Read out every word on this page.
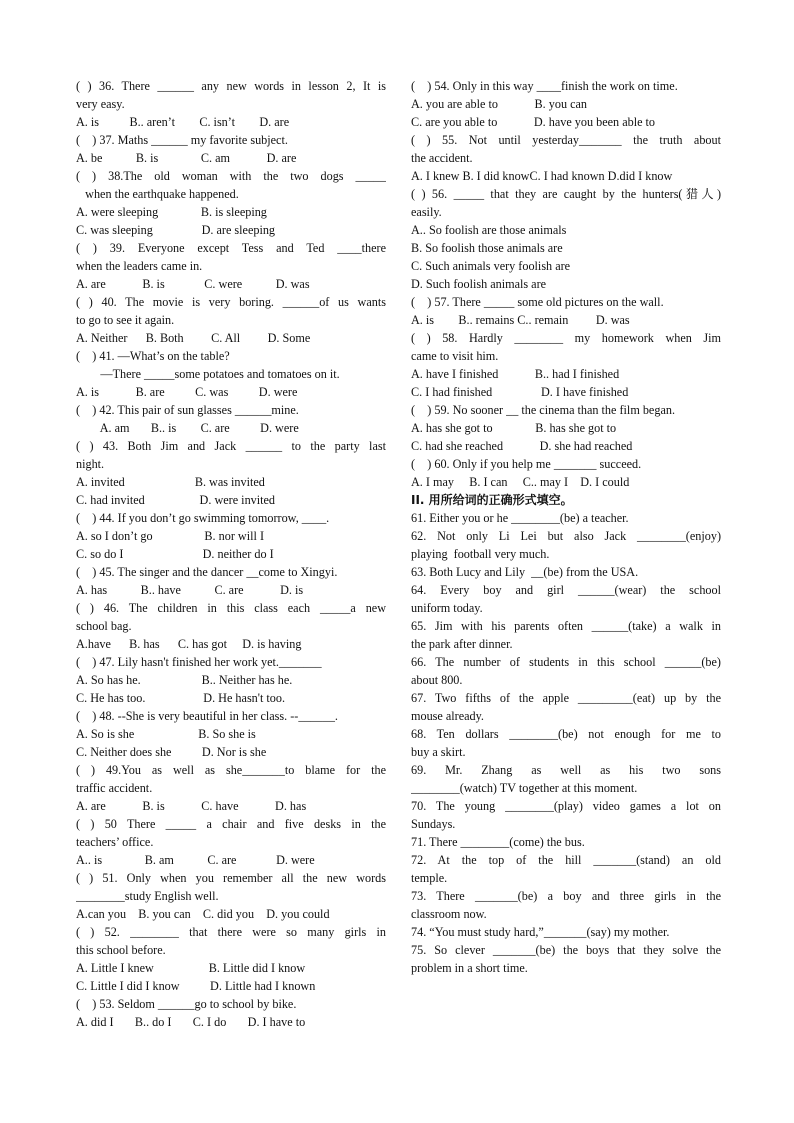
( ) 36. There ______ any new words in lesson 2, It is
very easy.
A. is          B.. aren’t        C. isn’t        D. are
(    ) 37. Maths ______ my favorite subject.
A. be           B. is              C. am            D. are
( ) 38.The old woman with the two dogs _____
when the earthquake happened.
A. were sleeping              B. is sleeping
C. was sleeping                D. are sleeping
( ) 39. Everyone except Tess and Ted ____there
when the leaders came in.
A. are            B. is             C. were           D. was
( ) 40. The movie is very boring. ______of us wants
to go to see it again.
A. Neither      B. Both         C. All         D. Some
(    ) 41. —What’s on the table?
—There _____some potatoes and tomatoes on it.
A. is            B. are          C. was          D. were
(    ) 42. This pair of sun glasses ______mine.
A. am       B.. is        C. are          D. were
( ) 43. Both Jim and Jack ______ to the party last
night.
A. invited                       B. was invited
C. had invited                  D. were invited
(    ) 44. If you don’t go swimming tomorrow, ____.
A. so I don’t go                 B. nor will I
C. so do I                          D. neither do I
(    ) 45. The singer and the dancer __come to Xingyi.
A. has           B.. have           C. are            D. is
( ) 46. The children in this class each _____a new
school bag.
A.have      B. has      C. has got     D. is having
(    ) 47. Lily hasn't finished her work yet._______
A. So has he.                    B.. Neither has he.
C. He has too.                   D. He hasn't too.
(    ) 48. --She is very beautiful in her class. --______.
A. So is she                     B. So she is
C. Neither does she          D. Nor is she
( ) 49.You as well as she_______to blame for the
traffic accident.
A. are            B. is            C. have            D. has
( ) 50 There _____ a chair and five desks in the
teachers’ office.
A.. is              B. am           C. are             D. were
( ) 51. Only when you remember all the new words
________study English well.
A.can you    B. you can    C. did you    D. you could
( ) 52. ________ that there were so many girls in
this school before.
A. Little I knew                  B. Little did I know
C. Little I did I know          D. Little had I known
(    ) 53. Seldom ______go to school by bike.
A. did I       B.. do I       C. I do       D. I have to
(    ) 54. Only in this way ____finish the work on time.
A. you are able to            B. you can
C. are you able to            D. have you been able to
( ) 55. Not until yesterday_______ the truth about
the accident.
A. I knew B. I did knowC. I had known D.did I know
( ) 56. _____ that they are caught by the hunters(猎人)
easily.
A.. So foolish are those animals
B. So foolish those animals are
C. Such animals very foolish are
D. Such foolish animals are
(    ) 57. There _____ some old pictures on the wall.
A. is        B.. remains C.. remain         D. was
( ) 58. Hardly ________ my homework when Jim
came to visit him.
A. have I finished            B.. had I finished
C. I had finished                D. I have finished
(    ) 59. No sooner __ the cinema than the film began.
A. has she got to              B. has she got to
C. had she reached            D. she had reached
(    ) 60. Only if you help me _______ succeed.
A. I may     B. I can     C.. may I    D. I could
II. 用所给词的正确形式填空。
61. Either you or he ________(be) a teacher.
62. Not only Li Lei but also Jack ________(enjoy)
playing  football very much.
63. Both Lucy and Lily  __(be) from the USA.
64. Every boy and girl ______(wear) the school
uniform today.
65. Jim with his parents often ______(take) a walk in
the park after dinner.
66. The number of students in this school ______(be)
about 800.
67. Two fifths of the apple _________(eat) up by the
mouse already.
68. Ten dollars ________(be) not enough for me to
buy a skirt.
69. Mr. Zhang as well as his two sons
________(watch) TV together at this moment.
70. The young ________(play) video games a lot on
Sundays.
71. There ________(come) the bus.
72. At the top of the hill _______(stand) an old
temple.
73. There _______(be) a boy and three girls in the
classroom now.
74. “You must study hard,”_______(say) my mother.
75. So clever _______(be) the boys that they solve the
problem in a short time.
